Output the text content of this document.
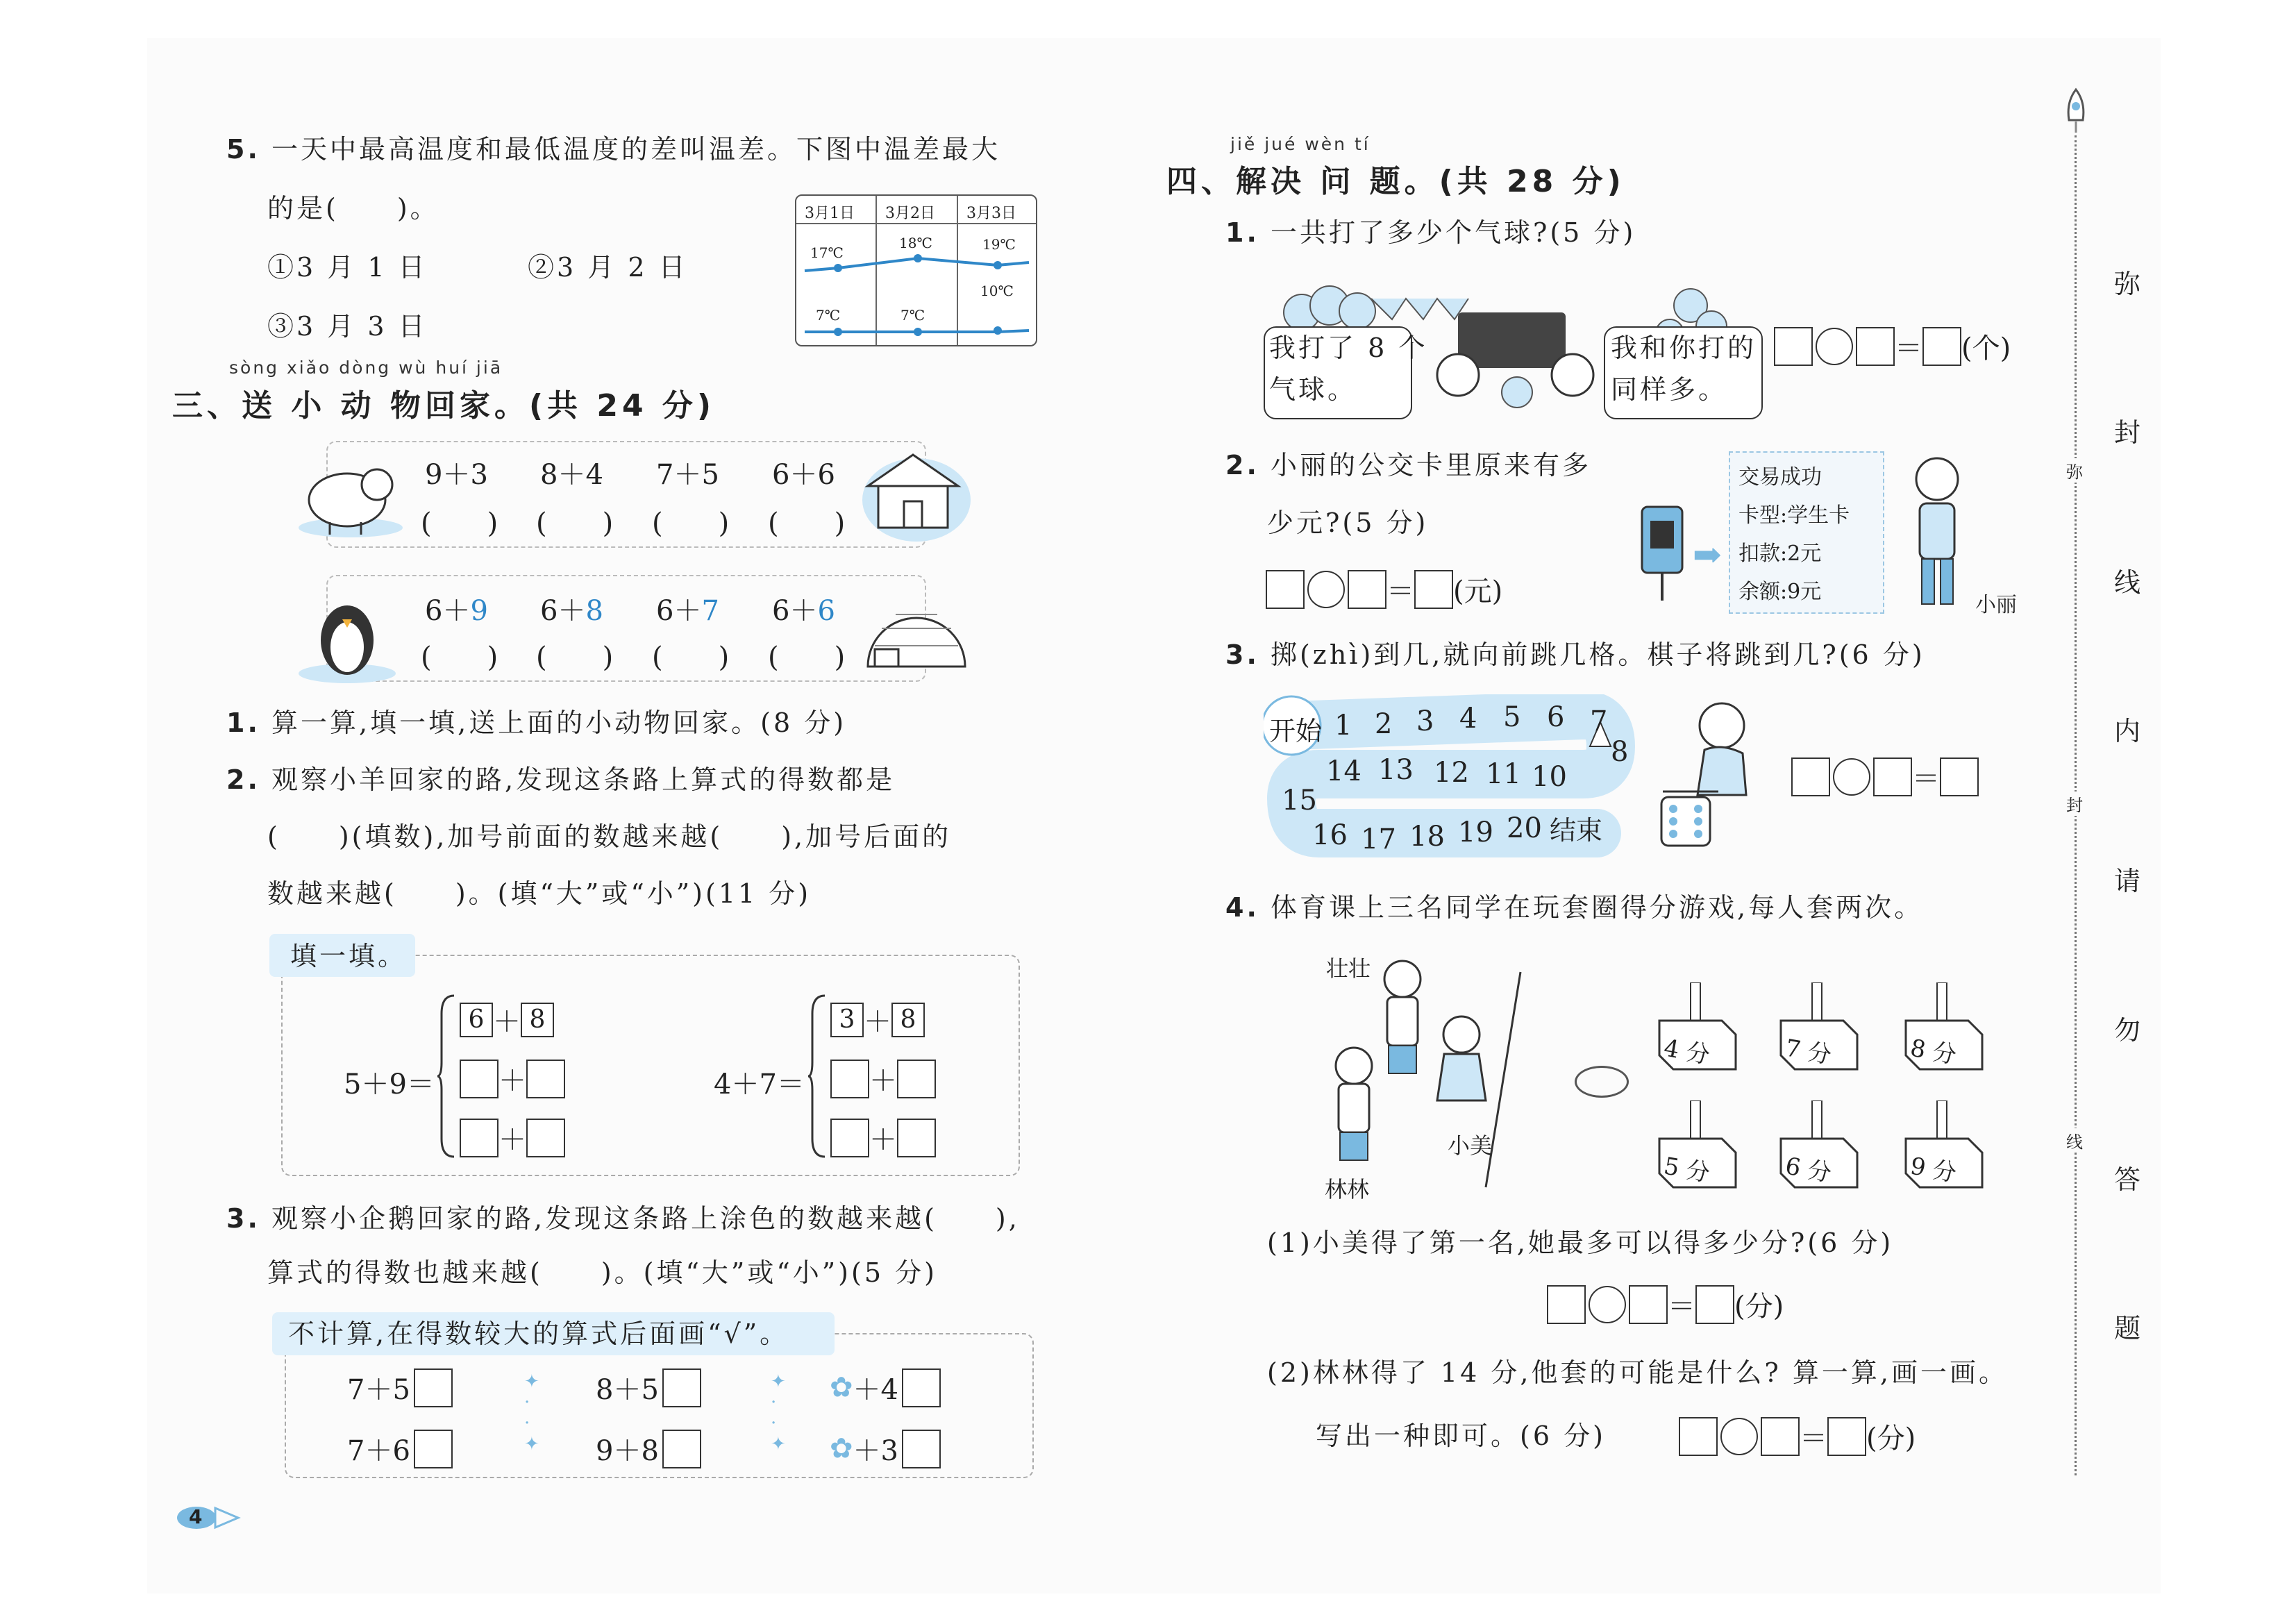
5. 一天中最高温度和最低温度的差叫温差。下图中温差最大
的是(　　)。
①3 月 1 日	②3 月 2 日
③3 月 3 日
3月1日 3月2日 3月3日
17℃
18℃	19℃
7℃	7℃
10℃
sòng xiǎo dòng wù huí jiā
三、送 小 动 物回家。(共 24 分)
9＋3 8＋4 7＋5 6＋6
(　　) (　　) (　　) (　　)
6＋9 6＋8 6＋7 6＋6
(　　) (　　) (　　) (　　)
1. 算一算,填一填,送上面的小动物回家。(8 分)
2. 观察小羊回家的路,发现这条路上算式的得数都是
(　　)(填数),加号前面的数越来越(　　),加号后面的
数越来越(　　)。(填“大”或“小”)(11 分)
填一填。
5＋9＝
6 ＋ 8
＋
＋
4＋7＝
3 ＋ 8
＋
＋
3. 观察小企鹅回家的路,发现这条路上涂色的数越来越(　　),
算式的得数也越来越(　　)。(填“大”或“小”)(5 分)
不计算,在得数较大的算式后面画“√”。
7＋5
7＋6
✦
·
·
✦
8＋5
9＋8
✦
·
·
✦
✿＋4
✿＋3
4
jiě jué wèn tí
四、解决 问 题。(共 28 分)
1. 一共打了多少个气球?(5 分)
我打了 8 个
气球。
我和你打的
同样多。
＝ (个)
2. 小丽的公交卡里原来有多
少元?(5 分)
＝ (元)
➡
交易成功
卡型:学生卡
扣款:2元
余额:9元
小丽
3. 掷(zhì)到几,就向前跳几格。棋子将跳到几?(6 分)
开始 1 2 3 4 5 6 7
8
10
11
12
13
14
15
16 17 18 19 20 结束
＝
4. 体育课上三名同学在玩套圈得分游戏,每人套两次。
壮壮
小美
林林
4 分	7 分	8 分
5 分	6 分	9 分
(1)小美得了第一名,她最多可以得多少分?(6 分)
＝ (分)
(2)林林得了 14 分,他套的可能是什么? 算一算,画一画。
写出一种即可。(6 分)	＝ (分)
弥
封
线
弥
封
线
内
请
勿
答
题
